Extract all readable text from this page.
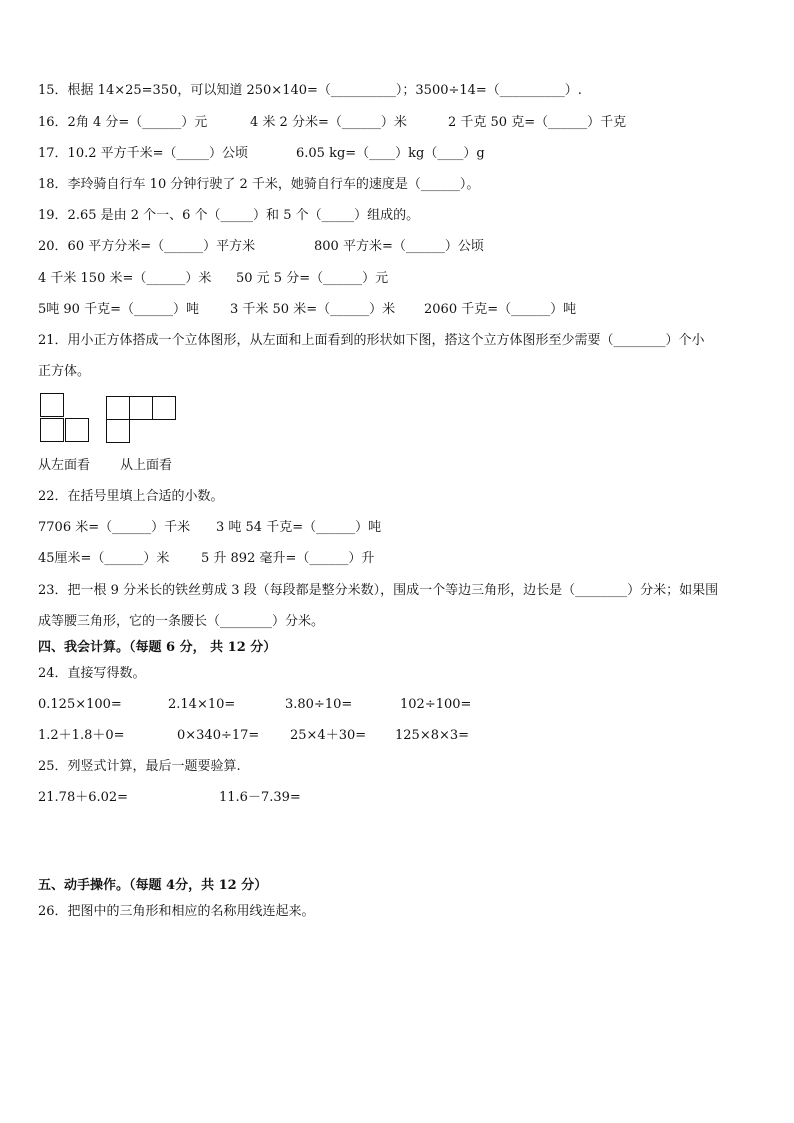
15．根据 14×25=350，可以知道 250×140=（__________）；3500÷14=（__________）.
16．2角 4 分=（______）元	4 米 2 分米=（______）米	2 千克 50 克=（______）千克
17．10.2 平方千米=（_____）公顷	6.05 kg=（____）kg（____）g
18．李玲骑自行车 10 分钟行驶了 2 千米，她骑自行车的速度是（______）。
19．2.65 是由 2 个一、6 个（_____）和 5 个（_____）组成的。
20．60 平方分米=（______）平方米	800 平方米=（______）公顷
4 千米 150 米=（______）米 50 元 5 分=（______）元
5吨 90 千克=（______）吨 3 千米 50 米=（______）米 2060 千克=（______）吨
21．用小正方体搭成一个立体图形，从左面和上面看到的形状如下图，搭这个立方体图形至少需要（________）个小
正方体。
从左面看 从上面看
22．在括号里填上合适的小数。
7706 米=（______）千米 3 吨 54 千克=（______）吨
45厘米=（______）米 5 升 892 毫升=（______）升
23．把一根 9 分米长的铁丝剪成 3 段（每段都是整分米数），围成一个等边三角形，边长是（________）分米；如果围
成等腰三角形，它的一条腰长（________）分米。
四、我会计算。（每题 6 分， 共 12 分）
24．直接写得数。
0.125×100=	2.14×10=	3.80÷10=	102÷100=
1.2＋1.8＋0=	0×340÷17= 25×4＋30= 125×8×3=
25．列竖式计算，最后一题要验算.
21.78＋6.02=	11.6－7.39=
五、动手操作。（每题 4分，共 12 分）
26．把图中的三角形和相应的名称用线连起来。
